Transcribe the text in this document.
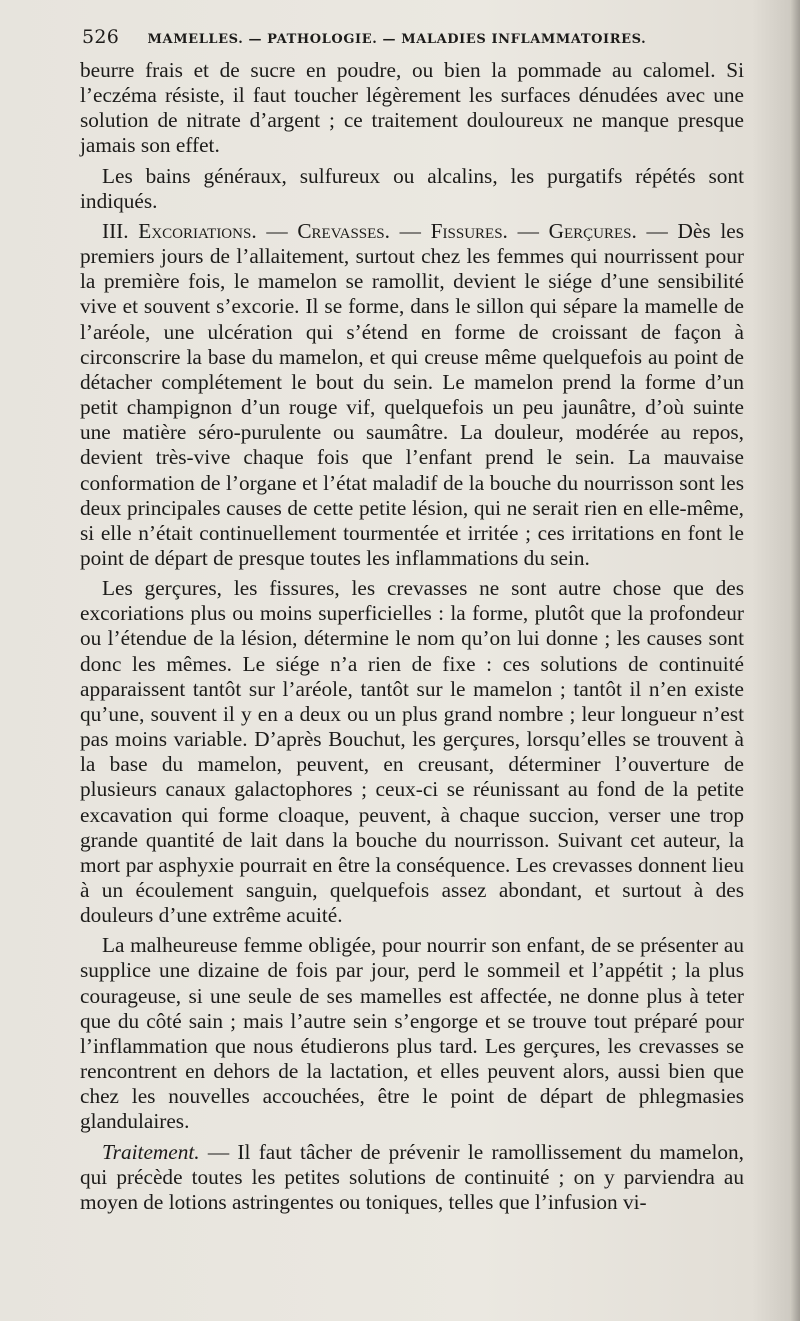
526 MAMELLES. — PATHOLOGIE. — MALADIES INFLAMMATOIRES.

beurre frais et de sucre en poudre, ou bien la pommade au calomel. Si l’eczéma résiste, il faut toucher légèrement les surfaces dénudées avec une solution de nitrate d’argent ; ce traitement douloureux ne manque presque jamais son effet.

Les bains généraux, sulfureux ou alcalins, les purgatifs répétés sont indiqués.

III. Excoriations. — Crevasses. — Fissures. — Gerçures. — Dès les premiers jours de l’allaitement, surtout chez les femmes qui nourrissent pour la première fois, le mamelon se ramollit, devient le siége d’une sensibilité vive et souvent s’excorie. Il se forme, dans le sillon qui sépare la mamelle de l’aréole, une ulcération qui s’étend en forme de croissant de façon à circonscrire la base du mamelon, et qui creuse même quelquefois au point de détacher complétement le bout du sein. Le mamelon prend la forme d’un petit champignon d’un rouge vif, quelquefois un peu jaunâtre, d’où suinte une matière séro-purulente ou saumâtre. La douleur, modérée au repos, devient très-vive chaque fois que l’enfant prend le sein. La mauvaise conformation de l’organe et l’état maladif de la bouche du nourrisson sont les deux principales causes de cette petite lésion, qui ne serait rien en elle-même, si elle n’était continuellement tourmentée et irritée ; ces irritations en font le point de départ de presque toutes les inflammations du sein.

Les gerçures, les fissures, les crevasses ne sont autre chose que des excoriations plus ou moins superficielles : la forme, plutôt que la profondeur ou l’étendue de la lésion, détermine le nom qu’on lui donne ; les causes sont donc les mêmes. Le siége n’a rien de fixe : ces solutions de continuité apparaissent tantôt sur l’aréole, tantôt sur le mamelon ; tantôt il n’en existe qu’une, souvent il y en a deux ou un plus grand nombre ; leur longueur n’est pas moins variable. D’après Bouchut, les gerçures, lorsqu’elles se trouvent à la base du mamelon, peuvent, en creusant, déterminer l’ouverture de plusieurs canaux galactophores ; ceux-ci se réunissant au fond de la petite excavation qui forme cloaque, peuvent, à chaque succion, verser une trop grande quantité de lait dans la bouche du nourrisson. Suivant cet auteur, la mort par asphyxie pourrait en être la conséquence. Les crevasses donnent lieu à un écoulement sanguin, quelquefois assez abondant, et surtout à des douleurs d’une extrême acuité.

La malheureuse femme obligée, pour nourrir son enfant, de se présenter au supplice une dizaine de fois par jour, perd le sommeil et l’appétit ; la plus courageuse, si une seule de ses mamelles est affectée, ne donne plus à teter que du côté sain ; mais l’autre sein s’engorge et se trouve tout préparé pour l’inflammation que nous étudierons plus tard. Les gerçures, les crevasses se rencontrent en dehors de la lactation, et elles peuvent alors, aussi bien que chez les nouvelles accouchées, être le point de départ de phlegmasies glandulaires.

Traitement. — Il faut tâcher de prévenir le ramollissement du mamelon, qui précède toutes les petites solutions de continuité ; on y parviendra au moyen de lotions astringentes ou toniques, telles que l’infusion vi-
